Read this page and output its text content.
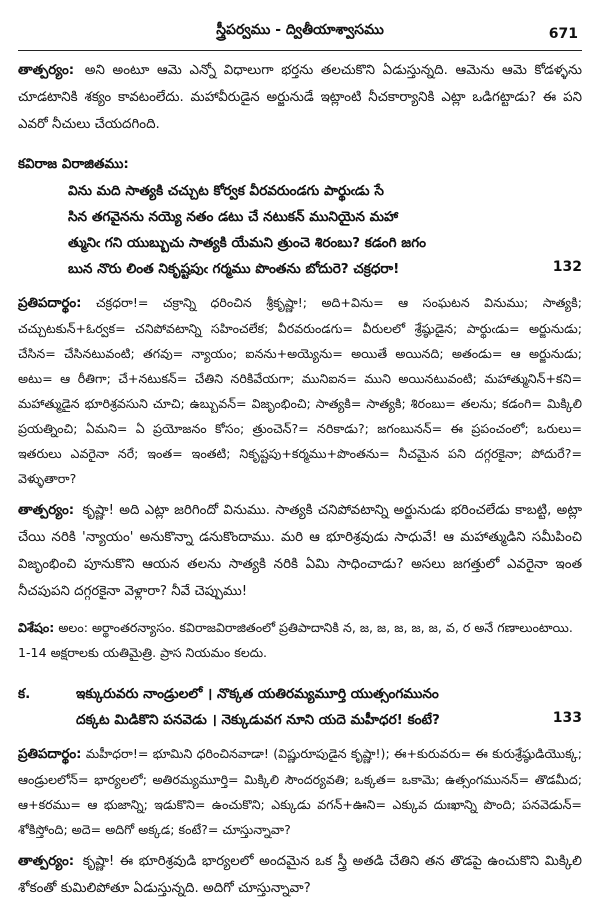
స్త్రీపర్వము - ద్వితీయాశ్వాసము	671

తాత్పర్యం: అని అంటూ ఆమె ఎన్నో విధాలుగా భర్తను తలచుకొని ఏడుస్తున్నది. ఆమెను ఆమె కోడళ్ళను చూడటానికి శక్యం కావటంలేదు. మహావీరుడైన అర్జునుడే ఇట్లాంటి నీచకార్యానికి ఎట్లా ఒడిగట్టాడు? ఈ పని ఎవరో నీచులు చేయదగింది.

కవిరాజ విరాజితము:
విను మది సాత్యకి చచ్చుట కోర్వక వీరవరుండగు పార్థుఁడు సే
సిన తగవైనను నయ్యె నతం డటు చే నటుకన్ మునియైన మహా
త్మునిఁ గని యుబ్బుచు సాత్యకి యేమని త్రుంచె శిరంబు? కడంగి జగం
బున నొరు లింత నికృష్టపుఁ గర్మము పొంతను బోదురె? చక్రధరా!	132

ప్రతిపదార్థం: చక్రధరా!= చక్రాన్ని ధరించిన శ్రీకృష్ణా!; అది+విను= ఆ సంఘటన వినుము; సాత్యకి; చచ్చుటకున్+ఓర్వక= చనిపోవటాన్ని సహించలేక; వీరవరుండగు= వీరులలో శ్రేష్ఠుడైన; పార్థుఁడు= అర్జునుడు; చేసిన= చేసినటువంటి; తగవు= న్యాయం; ఐనను+అయ్యెను= అయితే అయినది; అతండు= ఆ అర్జునుడు; అటు= ఆ రీతిగా; చే+నటుకన్= చేతిని నరికివేయగా; మునిఐన= ముని అయినటువంటి; మహాత్మునిన్+కని= మహాత్ముడైన భూరిశ్రవసుని చూచి; ఉబ్బువన్= విజృంభించి; సాత్యకి= సాత్యకి; శిరంబు= తలను; కడంగి= మిక్కిలి ప్రయత్నించి; ఏమని= ఏ ప్రయోజనం కోసం; త్రుంచెన్?= నరికాడు?; జగంబునన్= ఈ ప్రపంచంలో; ఒరులు= ఇతరులు ఎవరైనా నరే; ఇంత= ఇంతటి; నికృష్టపు+కర్మము+పొంతను= నీచమైన పని దగ్గరకైనా; పోదురే?= వెళ్ళుతారా?

తాత్పర్యం: కృష్ణా! అది ఎట్లా జరిగిందో వినుము. సాత్యకి చనిపోవటాన్ని అర్జునుడు భరించలేడు కాబట్టి, అట్లా చేయి నరికి 'న్యాయం' అనుకొన్నా డనుకొందాము. మరి ఆ భూరిశ్రవుడు సాధువే! ఆ మహాత్ముడిని సమీపించి విజృంభించి పూనుకొని ఆయన తలను సాత్యకి నరికి ఏమి సాధించాడు? అసలు జగత్తులో ఎవరైనా ఇంత నీచపుపని దగ్గరకైనా వెళ్లారా? నీవే చెప్పుము!

విశేషం: అలం: అర్థాంతరన్యాసం. కవిరాజవిరాజితంలో ప్రతిపాదానికి న, జ, జ, జ, జ, జ, వ, ర అనే గణాలుంటాయి. 1-14 అక్షరాలకు యతిమైత్రి. ప్రాస నియమం కలదు.

క.	ఇక్కురువరు నాండ్రులలో । నొక్కత యతిరమ్యమూర్తి యుత్సంగమునం
దక్కట మిడికొని పనవెడు । నెక్కుడువగ నూని యదె మహీధర! కంటే?	133

ప్రతిపదార్థం: మహీధరా!= భూమిని ధరించినవాడా! (విష్ణురూపుడైన కృష్ణా!); ఈ+కురువరు= ఈ కురుశ్రేష్ఠుడియొక్క; ఆండ్రులలోన్= భార్యలలో; అతిరమ్యమూర్తి= మిక్కిలి సౌందర్యవతి; ఒక్కత= ఒకామె; ఉత్సంగమునన్= తొడమీద; ఆ+కరము= ఆ భుజాన్ని; ఇడుకొని= ఉంచుకొని; ఎక్కుడు వగన్+ఊని= ఎక్కువ దుఃఖాన్ని పొంది; పనవెడున్= శోకిస్తోంది; అదె= అదిగో అక్కడ; కంటే?= చూస్తున్నావా?

తాత్పర్యం: కృష్ణా! ఈ భూరిశ్రవుడి భార్యలలో అందమైన ఒక స్త్రీ అతడి చేతిని తన తొడపై ఉంచుకొని మిక్కిలి శోకంతో కుమిలిపోతూ ఏడుస్తున్నది. అదిగో చూస్తున్నావా?
